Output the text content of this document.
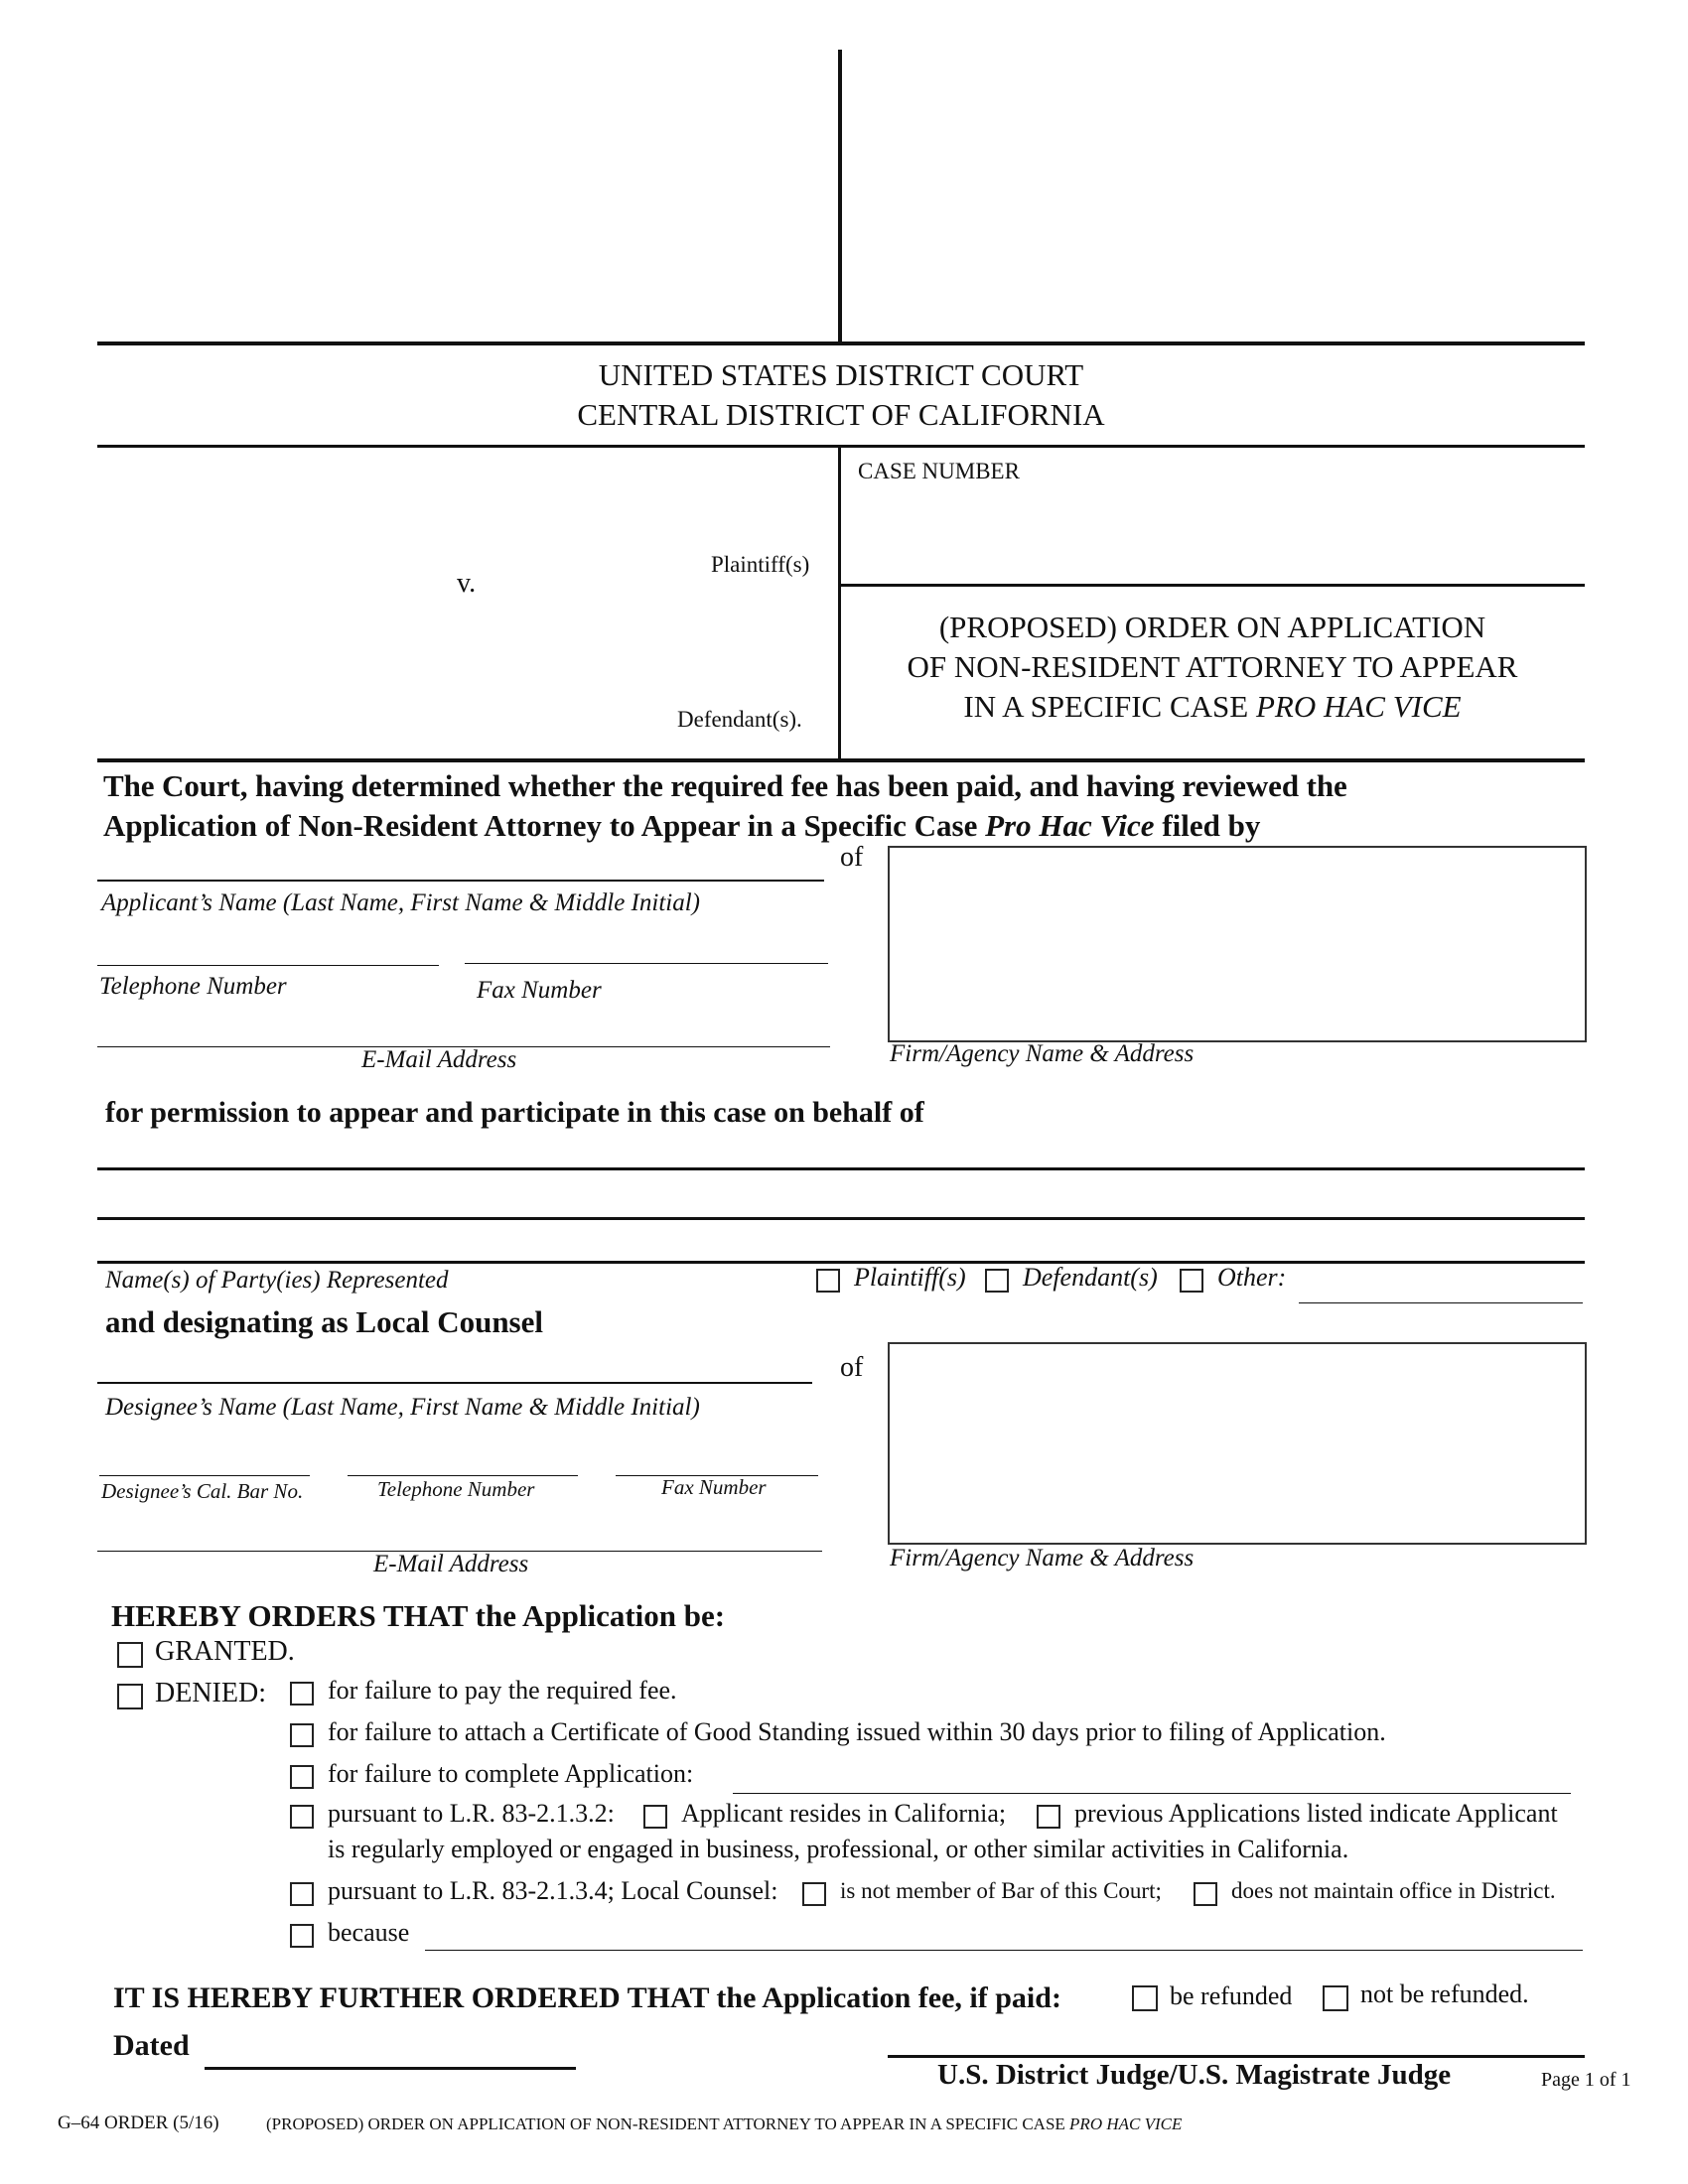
UNITED STATES DISTRICT COURT
CENTRAL DISTRICT OF CALIFORNIA
CASE NUMBER
Plaintiff(s)
v.
Defendant(s).
(PROPOSED) ORDER ON APPLICATION
OF NON-RESIDENT ATTORNEY TO APPEAR
IN A SPECIFIC CASE PRO HAC VICE
The Court, having determined whether the required fee has been paid, and having reviewed the
Application of Non-Resident Attorney to Appear in a Specific Case Pro Hac Vice filed by
of
Applicant’s Name (Last Name, First Name & Middle Initial)
Telephone Number	Fax Number
E-Mail Address	Firm/Agency Name & Address
for permission to appear and participate in this case on behalf of
Name(s) of Party(ies) Represented	Plaintiff(s) Defendant(s) Other:
and designating as Local Counsel
of
Designee’s Name (Last Name, First Name & Middle Initial)
Designee’s Cal. Bar No.	Telephone Number	Fax Number
E-Mail Address	Firm/Agency Name & Address
HEREBY ORDERS THAT the Application be:
GRANTED.
DENIED: for failure to pay the required fee.
for failure to attach a Certificate of Good Standing issued within 30 days prior to filing of Application.
for failure to complete Application:
pursuant to L.R. 83-2.1.3.2:	Applicant resides in California;	previous Applications listed indicate Applicant
is regularly employed or engaged in business, professional, or other similar activities in California.
pursuant to L.R. 83-2.1.3.4; Local Counsel:	is not member of Bar of this Court;	does not maintain office in District.
because
IT IS HEREBY FURTHER ORDERED THAT the Application fee, if paid:	be refunded	not be refunded.
Dated
U.S. District Judge/U.S. Magistrate Judge	Page 1 of 1
G–64 ORDER (5/16)	(PROPOSED) ORDER ON APPLICATION OF NON-RESIDENT ATTORNEY TO APPEAR IN A SPECIFIC CASE PRO HAC VICE
